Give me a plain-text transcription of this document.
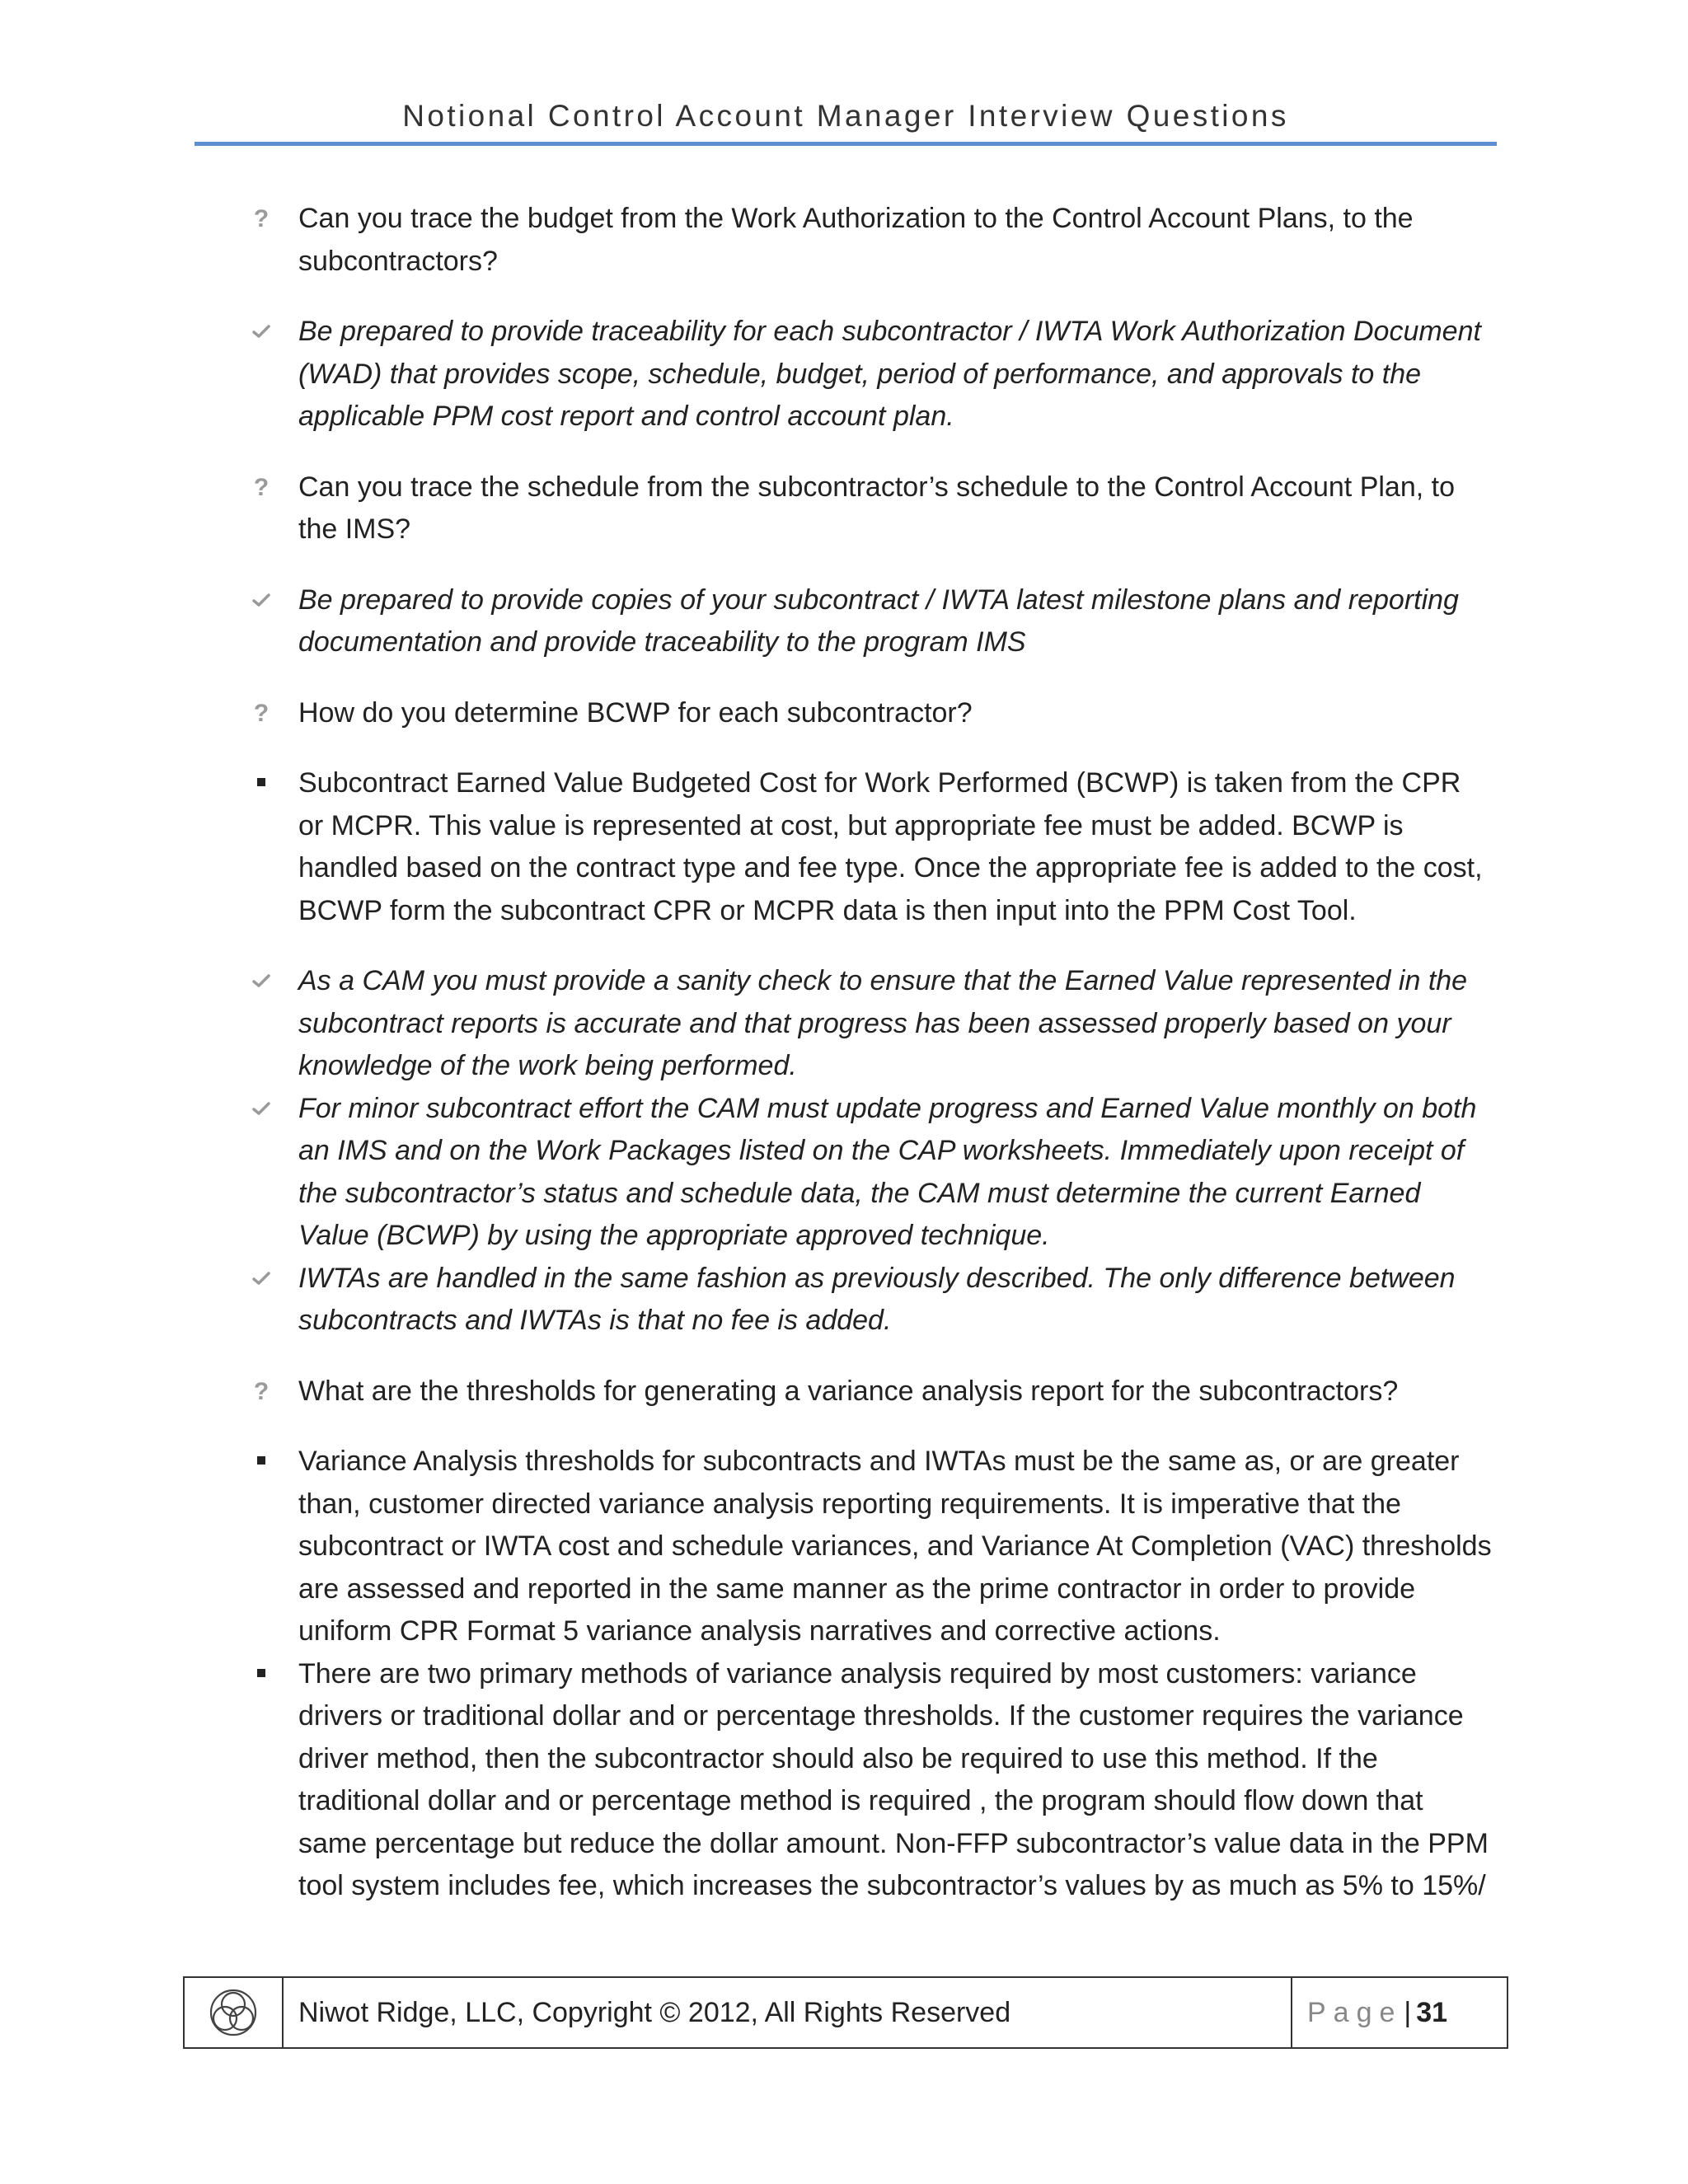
Notional Control Account Manager Interview Questions
? Can you trace the budget from the Work Authorization to the Control Account Plans, to the subcontractors?
Be prepared to provide traceability for each subcontractor / IWTA Work Authorization Document (WAD) that provides scope, schedule, budget, period of performance, and approvals to the applicable PPM cost report and control account plan.
? Can you trace the schedule from the subcontractor’s schedule to the Control Account Plan, to the IMS?
Be prepared to provide copies of your subcontract / IWTA latest milestone plans and reporting documentation and provide traceability to the program IMS
? How do you determine BCWP for each subcontractor?
Subcontract Earned Value Budgeted Cost for Work Performed (BCWP) is taken from the CPR or MCPR. This value is represented at cost, but appropriate fee must be added. BCWP is handled based on the contract type and fee type. Once the appropriate fee is added to the cost, BCWP form the subcontract CPR or MCPR data is then input into the PPM Cost Tool.
As a CAM you must provide a sanity check to ensure that the Earned Value represented in the subcontract reports is accurate and that progress has been assessed properly based on your knowledge of the work being performed.
For minor subcontract effort the CAM must update progress and Earned Value monthly on both an IMS and on the Work Packages listed on the CAP worksheets. Immediately upon receipt of the subcontractor’s status and schedule data, the CAM must determine the current Earned Value (BCWP) by using the appropriate approved technique.
IWTAs are handled in the same fashion as previously described. The only difference between subcontracts and IWTAs is that no fee is added.
? What are the thresholds for generating a variance analysis report for the subcontractors?
Variance Analysis thresholds for subcontracts and IWTAs must be the same as, or are greater than, customer directed variance analysis reporting requirements. It is imperative that the subcontract or IWTA cost and schedule variances, and Variance At Completion (VAC) thresholds are assessed and reported in the same manner as the prime contractor in order to provide uniform CPR Format 5 variance analysis narratives and corrective actions.
There are two primary methods of variance analysis required by most customers: variance drivers or traditional dollar and or percentage thresholds. If the customer requires the variance driver method, then the subcontractor should also be required to use this method. If the traditional dollar and or percentage method is required , the program should flow down that same percentage but reduce the dollar amount. Non-FFP subcontractor’s value data in the PPM tool system includes fee, which increases the subcontractor’s values by as much as 5% to 15%/
Niwot Ridge, LLC, Copyright © 2012, All Rights Reserved	Page | 31
